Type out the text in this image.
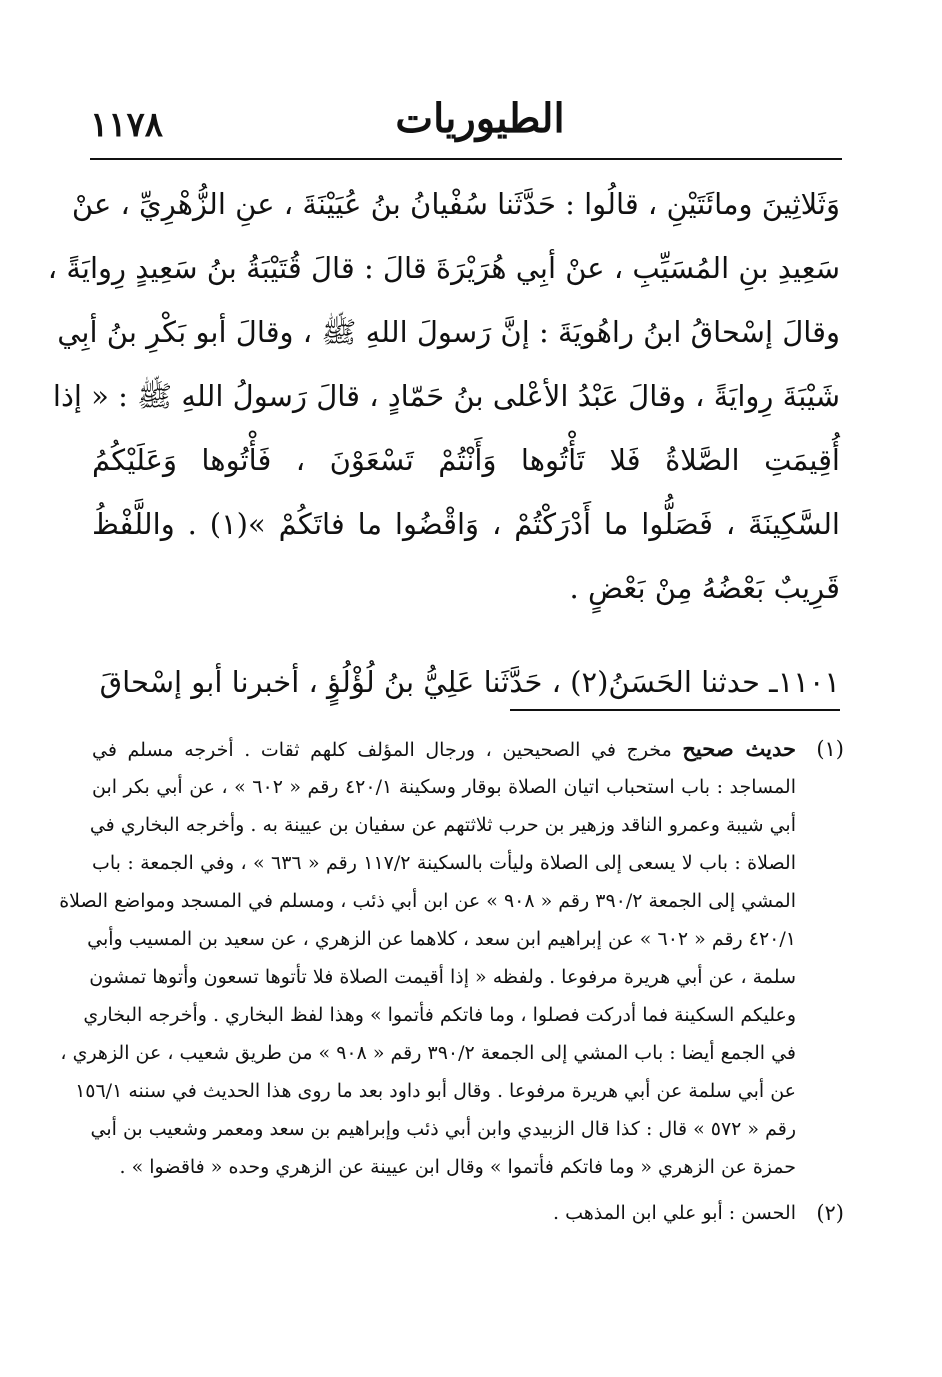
١١٧٨	الطيوريات
وَثَلاثِينَ ومائَتَيْنِ ، قالُوا : حَدَّثَنا سُفْيانُ بنُ عُيَيْنَةَ ، عنِ الزُّهْرِيِّ ، عنْ
سَعِيدِ بنِ المُسَيِّبِ ، عنْ أبِي هُرَيْرَةَ قالَ : قالَ قُتَيْبَةُ بنُ سَعِيدٍ رِوايَةً ،
وقالَ إسْحاقُ ابنُ راهُويَةَ : إنَّ رَسولَ اللهِ ﷺ ، وقالَ أبو بَكْرِ بنُ أبِي
شَيْبَةَ رِوايَةً ، وقالَ عَبْدُ الأعْلى بنُ حَمّادٍ ، قالَ رَسولُ اللهِ ﷺ : « إذا
أُقِيمَتِ الصَّلاةُ فَلا تَأْتُوها وَأَنْتُمْ تَسْعَوْنَ ، فَأْتُوها وَعَلَيْكُمُ
السَّكِينَةَ ، فَصَلُّوا ما أَدْرَكْتُمْ ، وَاقْضُوا ما فاتَكُمْ »(١) . واللَّفْظُ
قَرِيبٌ بَعْضُهُ مِنْ بَعْضٍ .
١١٠١ـ حدثنا الحَسَنُ(٢) ، حَدَّثَنا عَلِيُّ بنُ لُؤْلُؤٍ ، أخبرنا أبو إسْحاقَ
(١)
حديث صحيح مخرج في الصحيحين ، ورجال المؤلف كلهم ثقات . أخرجه مسلم في
المساجد : باب استحباب اتيان الصلاة بوقار وسكينة ٤٢٠/١ رقم « ٦٠٢ » ، عن أبي بكر ابن
أبي شيبة وعمرو الناقد وزهير بن حرب ثلاثتهم عن سفيان بن عيينة به . وأخرجه البخاري في
الصلاة : باب لا يسعى إلى الصلاة وليأت بالسكينة ١١٧/٢ رقم « ٦٣٦ » ، وفي الجمعة : باب
المشي إلى الجمعة ٣٩٠/٢ رقم « ٩٠٨ » عن ابن أبي ذئب ، ومسلم في المسجد ومواضع الصلاة
٤٢٠/١ رقم « ٦٠٢ » عن إبراهيم ابن سعد ، كلاهما عن الزهري ، عن سعيد بن المسيب وأبي
سلمة ، عن أبي هريرة مرفوعا . ولفظه « إذا أقيمت الصلاة فلا تأتوها تسعون وأتوها تمشون
وعليكم السكينة فما أدركت فصلوا ، وما فاتكم فأتموا » وهذا لفظ البخاري . وأخرجه البخاري
في الجمع أيضا : باب المشي إلى الجمعة ٣٩٠/٢ رقم « ٩٠٨ » من طريق شعيب ، عن الزهري ،
عن أبي سلمة عن أبي هريرة مرفوعا . وقال أبو داود بعد ما روى هذا الحديث في سننه ١٥٦/١
رقم « ٥٧٢ » قال : كذا قال الزبيدي وابن أبي ذئب وإبراهيم بن سعد ومعمر وشعيب بن أبي
حمزة عن الزهري « وما فاتكم فأتموا » وقال ابن عيينة عن الزهري وحده « فاقضوا » .
(٢)
الحسن : أبو علي ابن المذهب .
